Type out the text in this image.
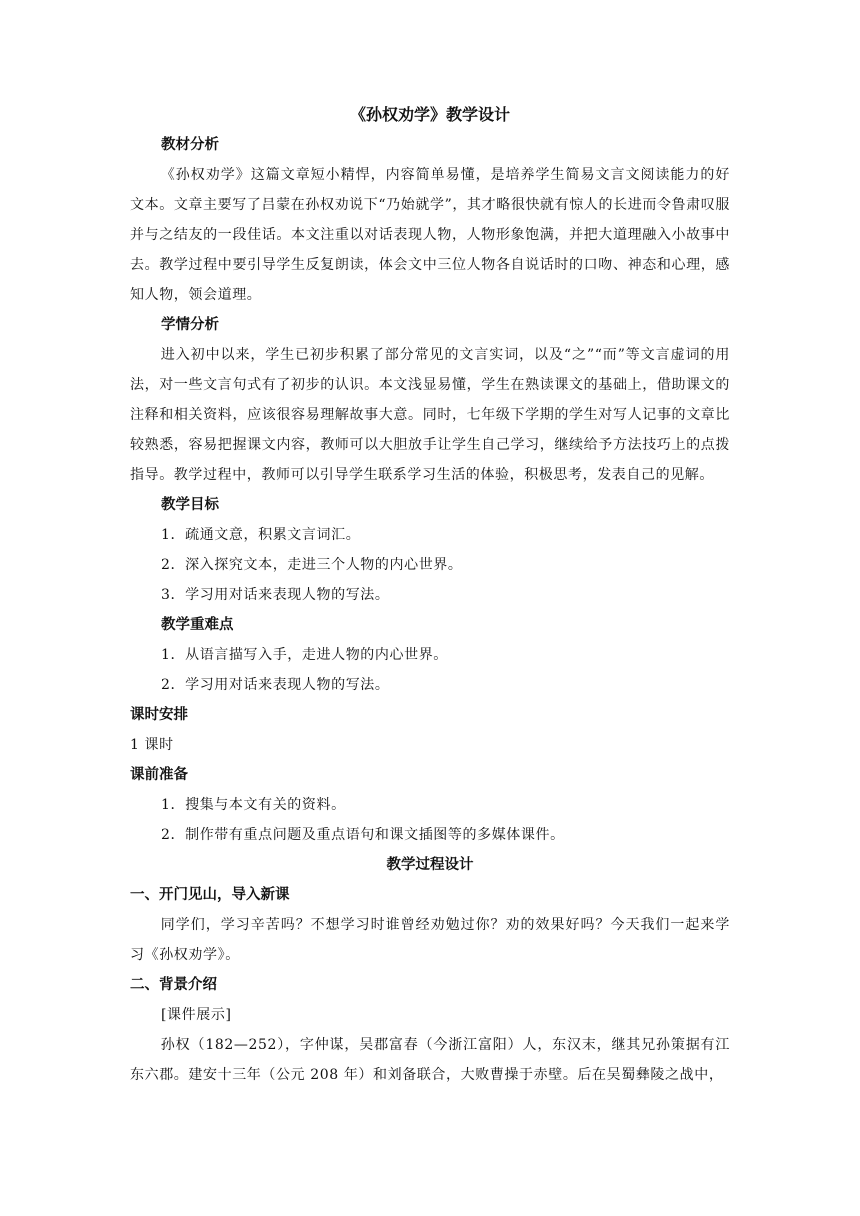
《孙权劝学》教学设计
教材分析

《孙权劝学》这篇文章短小精悍，内容简单易懂，是培养学生简易文言文阅读能力的好文本。文章主要写了吕蒙在孙权劝说下“乃始就学”，其才略很快就有惊人的长进而令鲁肃叹服并与之结友的一段佳话。本文注重以对话表现人物，人物形象饱满，并把大道理融入小故事中去。教学过程中要引导学生反复朗读，体会文中三位人物各自说话时的口吻、神态和心理，感知人物，领会道理。

学情分析

进入初中以来，学生已初步积累了部分常见的文言实词，以及“之”“而”等文言虚词的用法，对一些文言句式有了初步的认识。本文浅显易懂，学生在熟读课文的基础上，借助课文的注释和相关资料，应该很容易理解故事大意。同时，七年级下学期的学生对写人记事的文章比较熟悉，容易把握课文内容，教师可以大胆放手让学生自己学习，继续给予方法技巧上的点拨指导。教学过程中，教师可以引导学生联系学习生活的体验，积极思考，发表自己的见解。

教学目标

1．疏通文意，积累文言词汇。

2．深入探究文本，走进三个人物的内心世界。

3．学习用对话来表现人物的写法。

教学重难点

1．从语言描写入手，走进人物的内心世界。

2．学习用对话来表现人物的写法。

课时安排

1 课时

课前准备

1．搜集与本文有关的资料。

2．制作带有重点问题及重点语句和课文插图等的多媒体课件。

教学过程设计
一、开门见山，导入新课

同学们，学习辛苦吗？不想学习时谁曾经劝勉过你？劝的效果好吗？今天我们一起来学习《孙权劝学》。

二、背景介绍

[课件展示]

孙权（182—252），字仲谋，吴郡富春（今浙江富阳）人，东汉末，继其兄孙策据有江东六郡。建安十三年（公元 208 年）和刘备联合，大败曹操于赤壁。后在吴蜀彝陵之战中，
